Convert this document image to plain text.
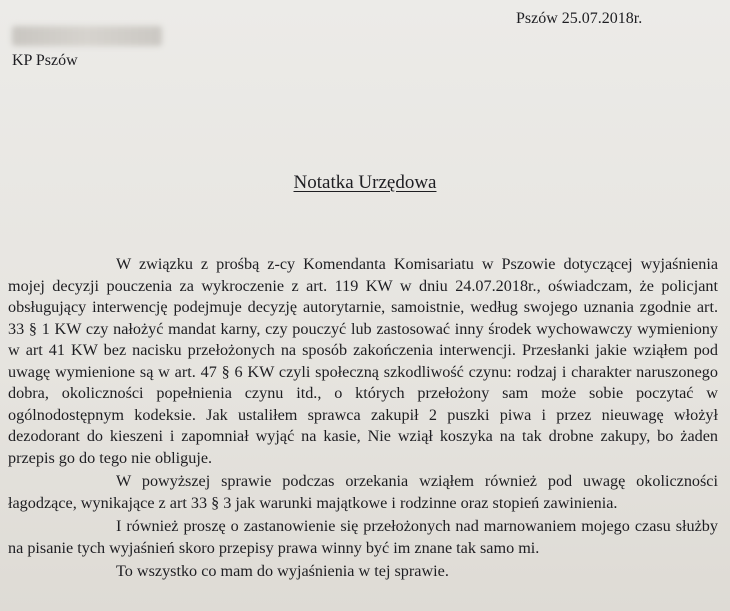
Pszów 25.07.2018r.
KP Pszów
Notatka Urzędowa

W związku z prośbą z-cy Komendanta Komisariatu w Pszowie dotyczącej wyjaśnienia mojej decyzji pouczenia za wykroczenie z art. 119 KW w dniu 24.07.2018r., oświadczam, że policjant obsługujący interwencję podejmuje decyzję autorytarnie, samoistnie, według swojego uznania zgodnie art. 33 § 1 KW czy nałożyć mandat karny, czy pouczyć lub zastosować inny środek wychowawczy wymieniony w art 41 KW bez nacisku przełożonych na sposób zakończenia interwencji. Przesłanki jakie wziąłem pod uwagę wymienione są w art. 47 § 6 KW czyli społeczną szkodliwość czynu: rodzaj i charakter naruszonego dobra, okoliczności popełnienia czynu itd., o których przełożony sam może sobie poczytać w ogólnodostępnym kodeksie. Jak ustaliłem sprawca zakupił 2 puszki piwa i przez nieuwagę włożył dezodorant do kieszeni i zapomniał wyjąć na kasie, Nie wziął koszyka na tak drobne zakupy, bo żaden przepis go do tego nie obliguje.

W powyższej sprawie podczas orzekania wziąłem również pod uwagę okoliczności łagodzące, wynikające z art 33 § 3 jak warunki majątkowe i rodzinne oraz stopień zawinienia.

I również proszę o zastanowienie się przełożonych nad marnowaniem mojego czasu służby na pisanie tych wyjaśnień skoro przepisy prawa winny być im znane tak samo mi.

To wszystko co mam do wyjaśnienia w tej sprawie.
